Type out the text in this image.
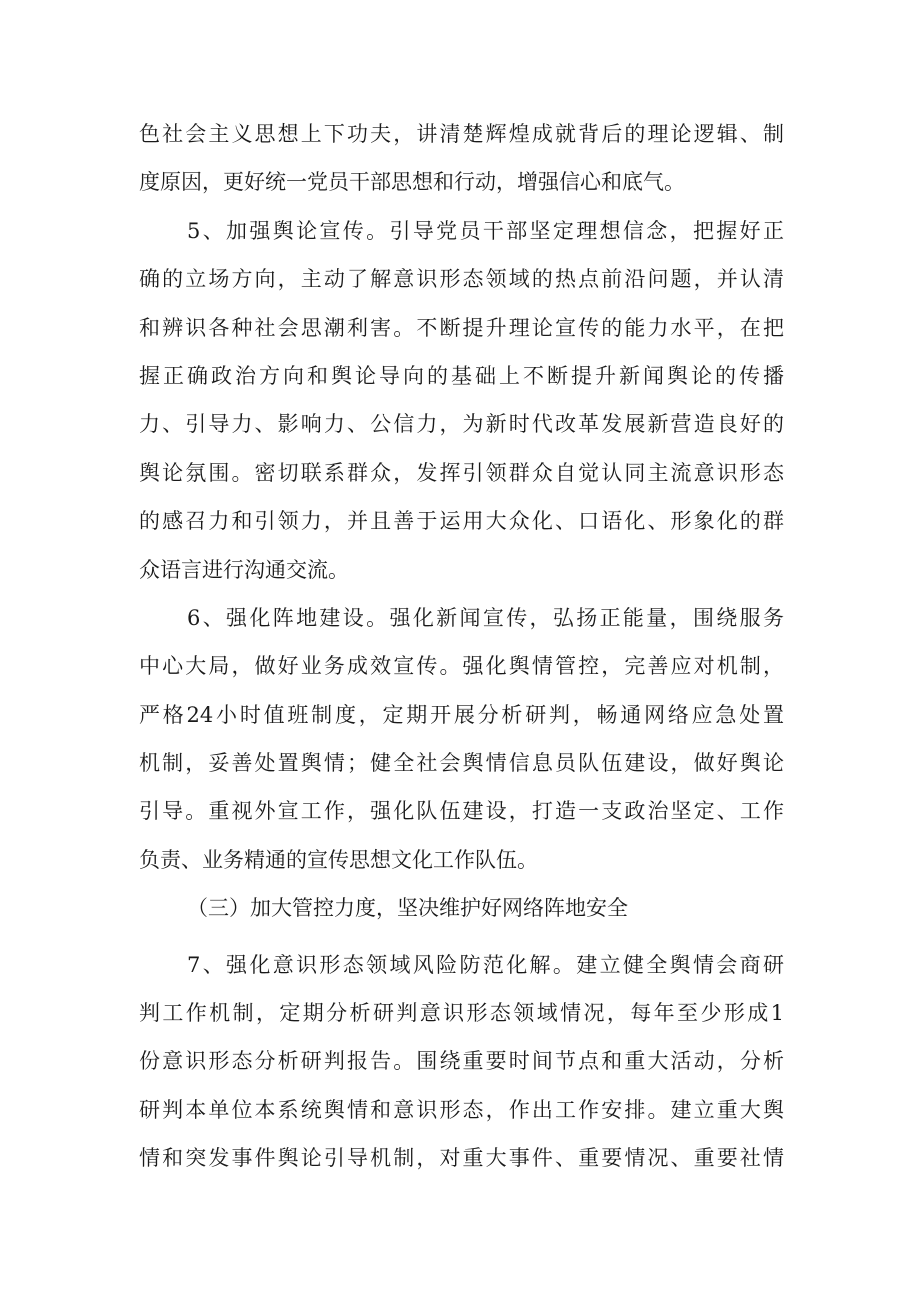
色社会主义思想上下功夫，讲清楚辉煌成就背后的理论逻辑、制
度原因，更好统一党员干部思想和行动，增强信心和底气。
5、加强舆论宣传。引导党员干部坚定理想信念，把握好正
确的立场方向，主动了解意识形态领域的热点前沿问题，并认清
和辨识各种社会思潮利害。不断提升理论宣传的能力水平，在把
握正确政治方向和舆论导向的基础上不断提升新闻舆论的传播
力、引导力、影响力、公信力，为新时代改革发展新营造良好的
舆论氛围。密切联系群众，发挥引领群众自觉认同主流意识形态
的感召力和引领力，并且善于运用大众化、口语化、形象化的群
众语言进行沟通交流。
6、强化阵地建设。强化新闻宣传，弘扬正能量，围绕服务
中心大局，做好业务成效宣传。强化舆情管控，完善应对机制，
严格24小时值班制度，定期开展分析研判，畅通网络应急处置
机制，妥善处置舆情；健全社会舆情信息员队伍建设，做好舆论
引导。重视外宣工作，强化队伍建设，打造一支政治坚定、工作
负责、业务精通的宣传思想文化工作队伍。
（三）加大管控力度，坚决维护好网络阵地安全
7、强化意识形态领域风险防范化解。建立健全舆情会商研
判工作机制，定期分析研判意识形态领域情况，每年至少形成1
份意识形态分析研判报告。围绕重要时间节点和重大活动，分析
研判本单位本系统舆情和意识形态，作出工作安排。建立重大舆
情和突发事件舆论引导机制，对重大事件、重要情况、重要社情
